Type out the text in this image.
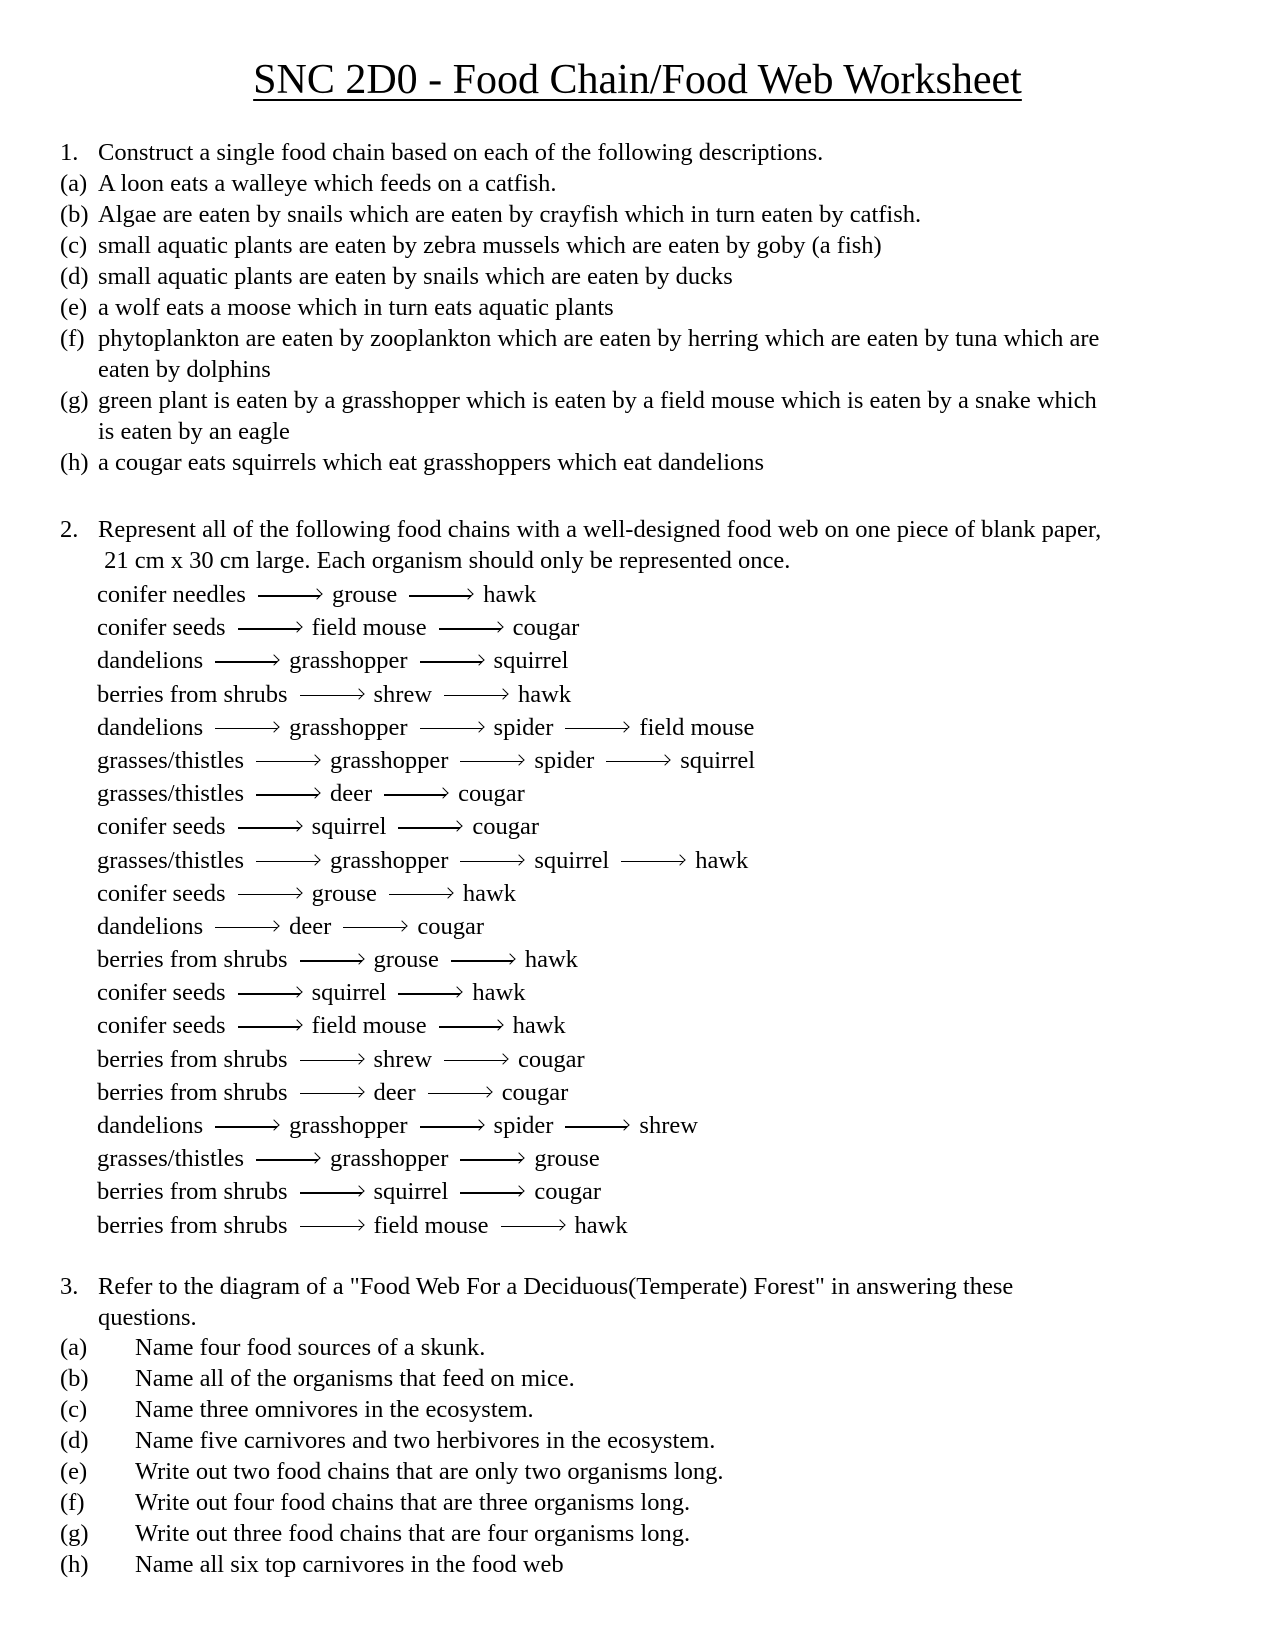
SNC 2D0 - Food Chain/Food Web Worksheet
1. Construct a single food chain based on each of the following descriptions.
(a) A loon eats a walleye which feeds on a catfish.
(b) Algae are eaten by snails which are eaten by crayfish which in turn eaten by catfish.
(c) small aquatic plants are eaten by zebra mussels which are eaten by goby (a fish)
(d) small aquatic plants are eaten by snails which are eaten by ducks
(e) a wolf eats a moose which in turn eats aquatic plants
(f) phytoplankton are eaten by zooplankton which are eaten by herring which are eaten by tuna which are
eaten by dolphins
(g) green plant is eaten by a grasshopper which is eaten by a field mouse which is eaten by a snake which
is eaten by an eagle
(h) a cougar eats squirrels which eat grasshoppers which eat dandelions
2. Represent all of the following food chains with a well-designed food web on one piece of blank paper,
21 cm x 30 cm large. Each organism should only be represented once.
conifer needles	grouse	hawk
conifer seeds	field mouse	cougar
dandelions	grasshopper	squirrel
berries from shrubs	shrew	hawk
dandelions	grasshopper	spider	field mouse
grasses/thistles	grasshopper	spider	squirrel
grasses/thistles	deer	cougar
conifer seeds	squirrel	cougar
grasses/thistles	grasshopper	squirrel	hawk
conifer seeds	grouse	hawk
dandelions	deer	cougar
berries from shrubs	grouse	hawk
conifer seeds	squirrel	hawk
conifer seeds	field mouse	hawk
berries from shrubs	shrew	cougar
berries from shrubs	deer	cougar
dandelions	grasshopper	spider	shrew
grasses/thistles	grasshopper	grouse
berries from shrubs	squirrel	cougar
berries from shrubs	field mouse	hawk
3. Refer to the diagram of a "Food Web For a Deciduous(Temperate) Forest" in answering these
questions.
(a) Name four food sources of a skunk.
(b) Name all of the organisms that feed on mice.
(c) Name three omnivores in the ecosystem.
(d) Name five carnivores and two herbivores in the ecosystem.
(e) Write out two food chains that are only two organisms long.
(f) Write out four food chains that are three organisms long.
(g) Write out three food chains that are four organisms long.
(h) Name all six top carnivores in the food web
